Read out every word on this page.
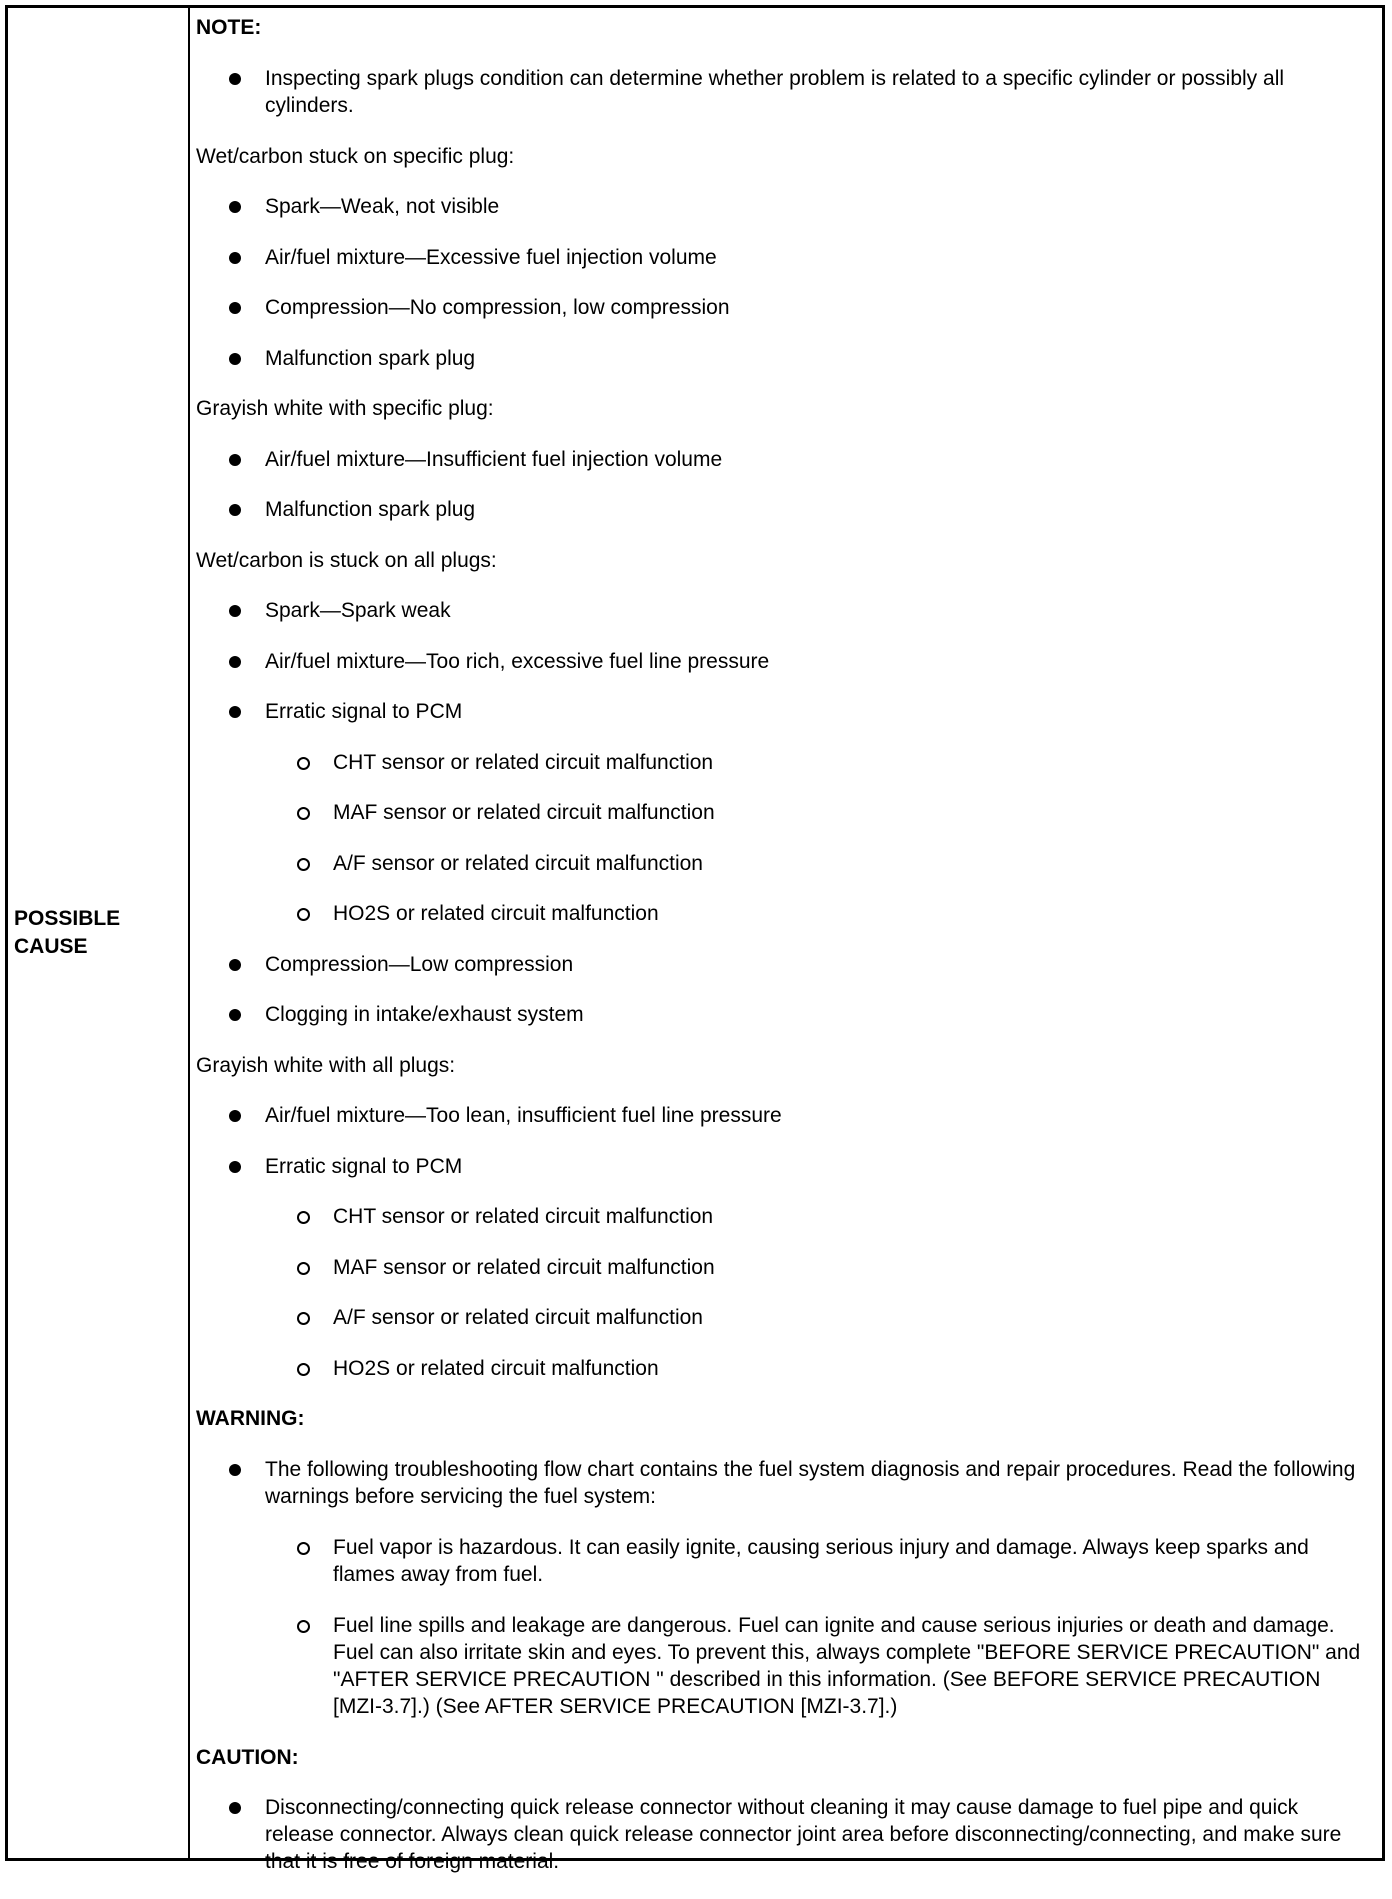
POSSIBLE
CAUSE
NOTE:
Inspecting spark plugs condition can determine whether problem is related to a specific cylinder or possibly all cylinders.
Wet/carbon stuck on specific plug:
Spark—Weak, not visible
Air/fuel mixture—Excessive fuel injection volume
Compression—No compression, low compression
Malfunction spark plug
Grayish white with specific plug:
Air/fuel mixture—Insufficient fuel injection volume
Malfunction spark plug
Wet/carbon is stuck on all plugs:
Spark—Spark weak
Air/fuel mixture—Too rich, excessive fuel line pressure
Erratic signal to PCM
CHT sensor or related circuit malfunction
MAF sensor or related circuit malfunction
A/F sensor or related circuit malfunction
HO2S or related circuit malfunction
Compression—Low compression
Clogging in intake/exhaust system
Grayish white with all plugs:
Air/fuel mixture—Too lean, insufficient fuel line pressure
Erratic signal to PCM
CHT sensor or related circuit malfunction
MAF sensor or related circuit malfunction
A/F sensor or related circuit malfunction
HO2S or related circuit malfunction
WARNING:
The following troubleshooting flow chart contains the fuel system diagnosis and repair procedures. Read the following warnings before servicing the fuel system:
Fuel vapor is hazardous. It can easily ignite, causing serious injury and damage. Always keep sparks and flames away from fuel.
Fuel line spills and leakage are dangerous. Fuel can ignite and cause serious injuries or death and damage. Fuel can also irritate skin and eyes. To prevent this, always complete "BEFORE SERVICE PRECAUTION" and "AFTER SERVICE PRECAUTION " described in this information. (See BEFORE SERVICE PRECAUTION [MZI-3.7].) (See AFTER SERVICE PRECAUTION [MZI-3.7].)
CAUTION:
Disconnecting/connecting quick release connector without cleaning it may cause damage to fuel pipe and quick release connector. Always clean quick release connector joint area before disconnecting/connecting, and make sure that it is free of foreign material.
